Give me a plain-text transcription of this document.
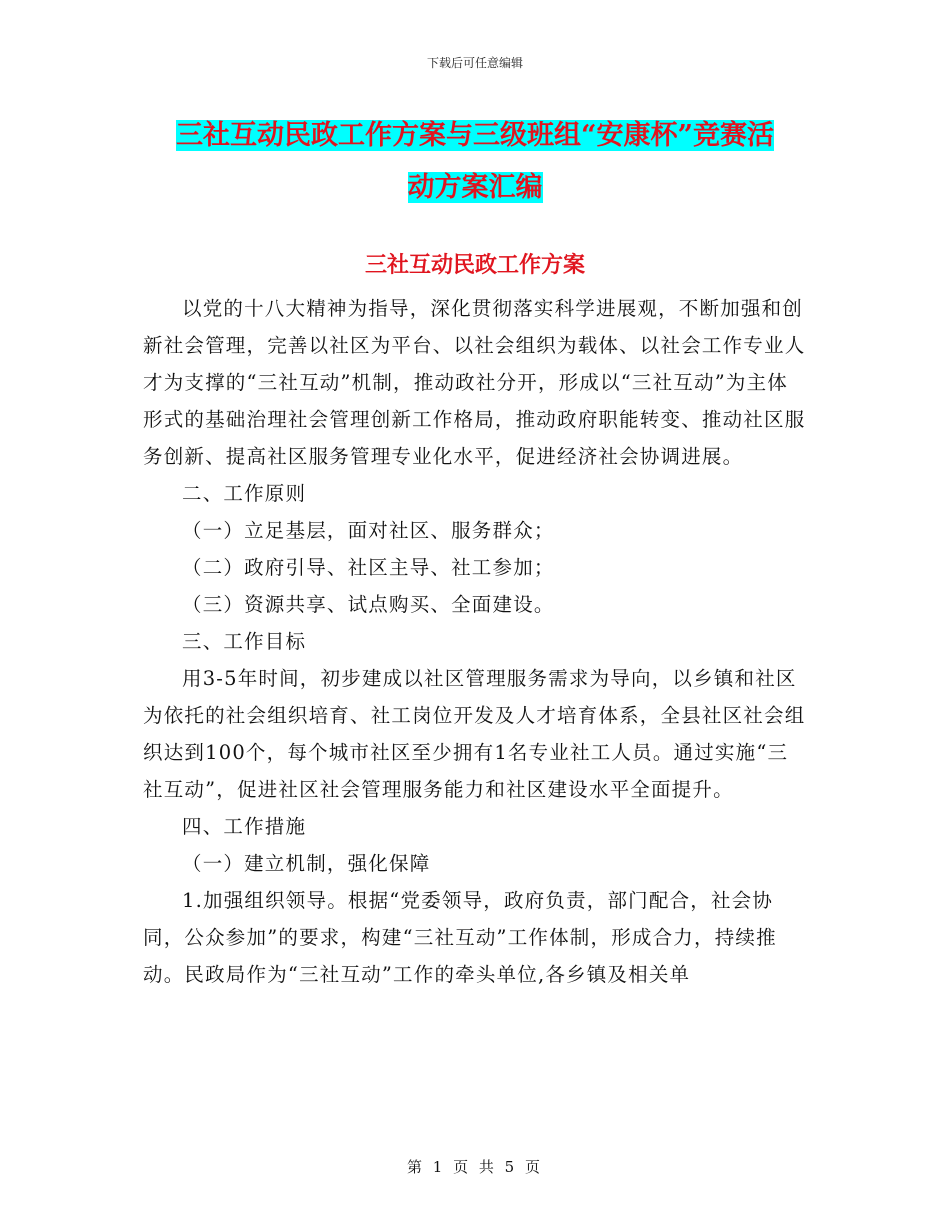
下载后可任意编辑
三社互动民政工作方案与三级班组“安康杯”竞赛活
动方案汇编
三社互动民政工作方案

以党的十八大精神为指导，深化贯彻落实科学进展观，不断加强和创新社会管理，完善以社区为平台、以社会组织为载体、以社会工作专业人才为支撑的“三社互动”机制，推动政社分开，形成以“三社互动”为主体形式的基础治理社会管理创新工作格局，推动政府职能转变、推动社区服务创新、提高社区服务管理专业化水平，促进经济社会协调进展。

二、工作原则

（一）立足基层，面对社区、服务群众；

（二）政府引导、社区主导、社工参加；

（三）资源共享、试点购买、全面建设。

三、工作目标

用3-5年时间，初步建成以社区管理服务需求为导向，以乡镇和社区为依托的社会组织培育、社工岗位开发及人才培育体系，全县社区社会组织达到100个，每个城市社区至少拥有1名专业社工人员。通过实施“三社互动”，促进社区社会管理服务能力和社区建设水平全面提升。

四、工作措施

（一）建立机制，强化保障

1.加强组织领导。根据“党委领导，政府负责，部门配合，社会协同，公众参加”的要求，构建“三社互动”工作体制，形成合力，持续推动。民政局作为“三社互动”工作的牵头单位,各乡镇及相关单

第 1 页 共 5 页
